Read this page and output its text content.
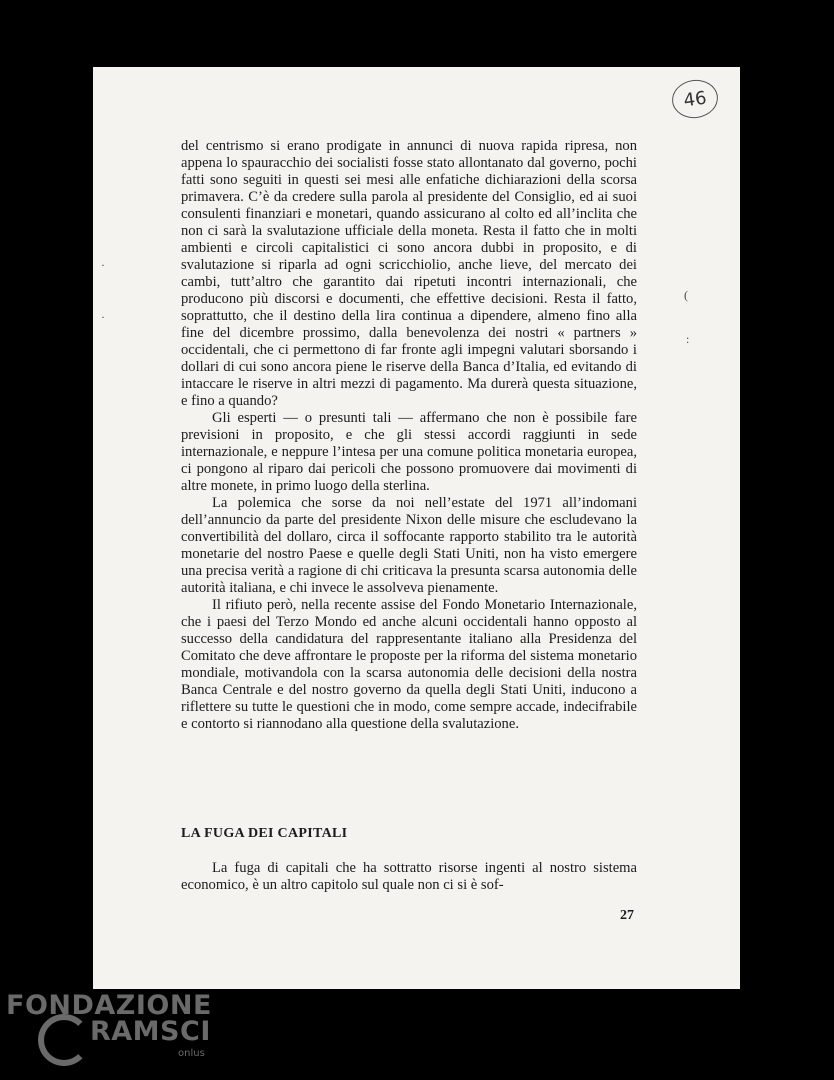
46

del centrismo si erano prodigate in annunci di nuova rapida ripresa, non appena lo spauracchio dei socialisti fosse stato allontanato dal governo, pochi fatti sono seguiti in questi sei mesi alle enfatiche dichiarazioni della scorsa primavera. C’è da credere sulla parola al presidente del Consiglio, ed ai suoi consulenti finanziari e monetari, quando assicurano al colto ed all’inclita che non ci sarà la svalutazione ufficiale della moneta. Resta il fatto che in molti ambienti e circoli capitalistici ci sono ancora dubbi in proposito, e di svalutazione si riparla ad ogni scricchiolio, anche lieve, del mercato dei cambi, tutt’altro che garantito dai ripetuti incontri internazionali, che producono più discorsi e documenti, che effettive decisioni. Resta il fatto, soprattutto, che il destino della lira continua a dipendere, almeno fino alla fine del dicembre prossimo, dalla benevolenza dei nostri « partners » occidentali, che ci permettono di far fronte agli impegni valutari sborsando i dollari di cui sono ancora piene le riserve della Banca d’Italia, ed evitando di intaccare le riserve in altri mezzi di pagamento. Ma durerà questa situazione, e fino a quando?

Gli esperti — o presunti tali — affermano che non è possibile fare previsioni in proposito, e che gli stessi accordi raggiunti in sede internazionale, e neppure l’intesa per una comune politica monetaria europea, ci pongono al riparo dai pericoli che possono promuovere dai movimenti di altre monete, in primo luogo della sterlina.

La polemica che sorse da noi nell’estate del 1971 all’indomani dell’annuncio da parte del presidente Nixon delle misure che escludevano la convertibilità del dollaro, circa il soffocante rapporto stabilito tra le autorità monetarie del nostro Paese e quelle degli Stati Uniti, non ha visto emergere una precisa verità a ragione di chi criticava la presunta scarsa autonomia delle autorità italiana, e chi invece le assolveva pienamente.

Il rifiuto però, nella recente assise del Fondo Monetario Internazionale, che i paesi del Terzo Mondo ed anche alcuni occidentali hanno opposto al successo della candidatura del rappresentante italiano alla Presidenza del Comitato che deve affrontare le proposte per la riforma del sistema monetario mondiale, motivandola con la scarsa autonomia delle decisioni della nostra Banca Centrale e del nostro governo da quella degli Stati Uniti, inducono a riflettere su tutte le questioni che in modo, come sempre accade, indecifrabile e contorto si riannodano alla questione della svalutazione.

LA FUGA DEI CAPITALI
La fuga di capitali che ha sottratto risorse ingenti al nostro sistema economico, è un altro capitolo sul quale non ci si è sof-
27
(
:
·
·
FONDAZIONE
RAMSCI
onlus
